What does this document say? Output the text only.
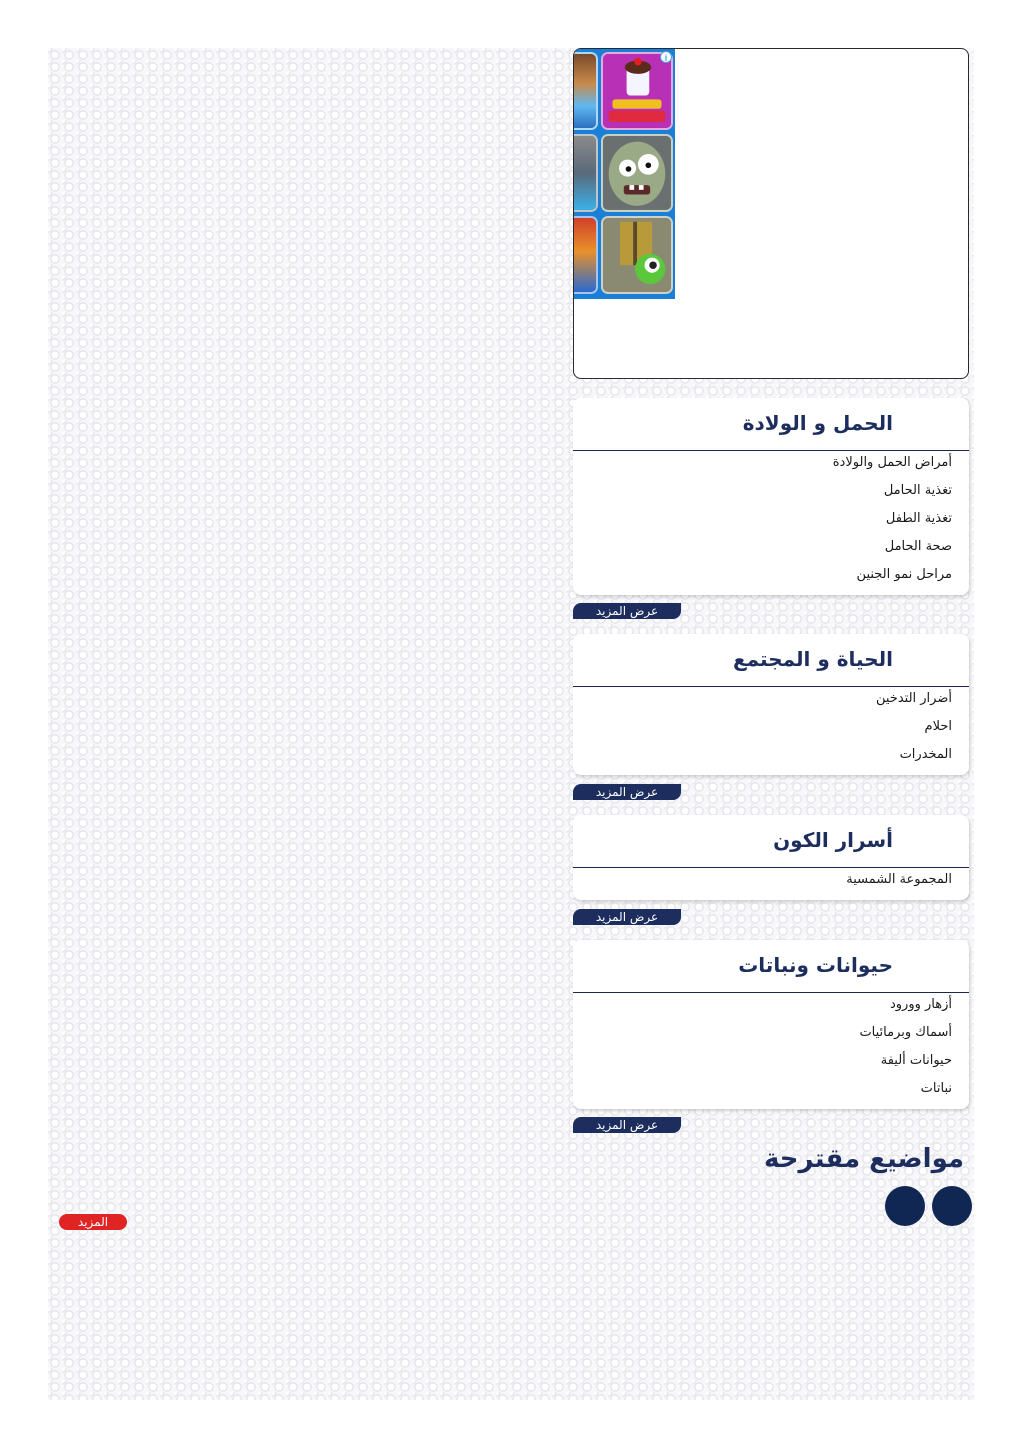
i
الحمل و الولادة
أمراض الحمل والولادة
تغذية الحامل
تغذية الطفل
صحة الحامل
مراحل نمو الجنين
عرض المزيد
الحياة و المجتمع
أضرار التدخين
احلام
المخدرات
عرض المزيد
أسرار الكون
المجموعة الشمسية
عرض المزيد
حيوانات ونباتات
أزهار وورود
أسماك وبرمائيات
حيوانات أليفة
نباتات
عرض المزيد
مواضيع مقترحة
المزيد
